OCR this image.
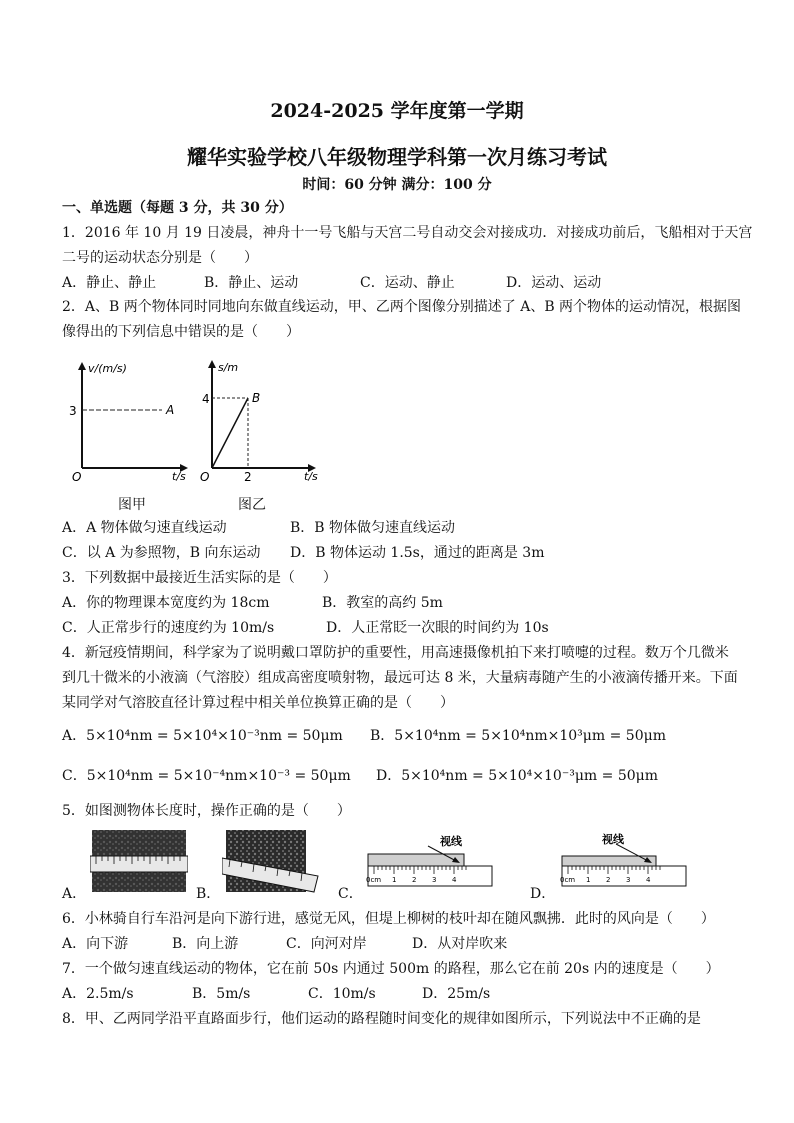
2024-2025 学年度第一学期
耀华实验学校八年级物理学科第一次月练习考试
时间：60 分钟 满分：100 分
一、单选题（每题 3 分，共 30 分）
1．2016 年 10 月 19 日凌晨，神舟十一号飞船与天宫二号自动交会对接成功．对接成功前后，飞船相对于天宫
二号的运动状态分别是（　　）
A．静止、静止	B．静止、运动	C．运动、静止	D．运动、运动
2．A、B 两个物体同时同地向东做直线运动，甲、乙两个图像分别描述了 A、B 两个物体的运动情况，根据图
像得出的下列信息中错误的是（　　）
v/(m/s)
3	A
O	t/s
图甲
s/m
4	B
2
O	t/s
图乙
A．A 物体做匀速直线运动	B．B 物体做匀速直线运动
C．以 A 为参照物，B 向东运动 D．B 物体运动 1.5s，通过的距离是 3m
3．下列数据中最接近生活实际的是（　　）
A．你的物理课本宽度约为 18cm	B．教室的高约 5m
C．人正常步行的速度约为 10m/s	D．人正常眨一次眼的时间约为 10s
4．新冠疫情期间，科学家为了说明戴口罩防护的重要性，用高速摄像机拍下来打喷嚏的过程。数万个几微米
到几十微米的小液滴（气溶胶）组成高密度喷射物，最远可达 8 米，大量病毒随产生的小液滴传播开来。下面
某同学对气溶胶直径计算过程中相关单位换算正确的是（　　）
A．5×10⁴nm = 5×10⁴×10⁻³nm = 50μm B．5×10⁴nm = 5×10⁴nm×10³μm = 50μm
C．5×10⁴nm = 5×10⁻⁴nm×10⁻³ = 50μm D．5×10⁴nm = 5×10⁴×10⁻³μm = 50μm
5．如图测物体长度时，操作正确的是（　　）
A．	B．
视线
0cm 1 2 3 4
C．
视线
0cm 1 2 3 4
D．
6．小林骑自行车沿河是向下游行进，感觉无风，但堤上柳树的枝叶却在随风飘拂．此时的风向是（　　）
A．向下游	B．向上游	C．向河对岸	D．从对岸吹来
7．一个做匀速直线运动的物体，它在前 50s 内通过 500m 的路程，那么它在前 20s 内的速度是（　　）
A．2.5m/s	B．5m/s	C．10m/s	D．25m/s
8．甲、乙两同学沿平直路面步行，他们运动的路程随时间变化的规律如图所示，下列说法中不正确的是
